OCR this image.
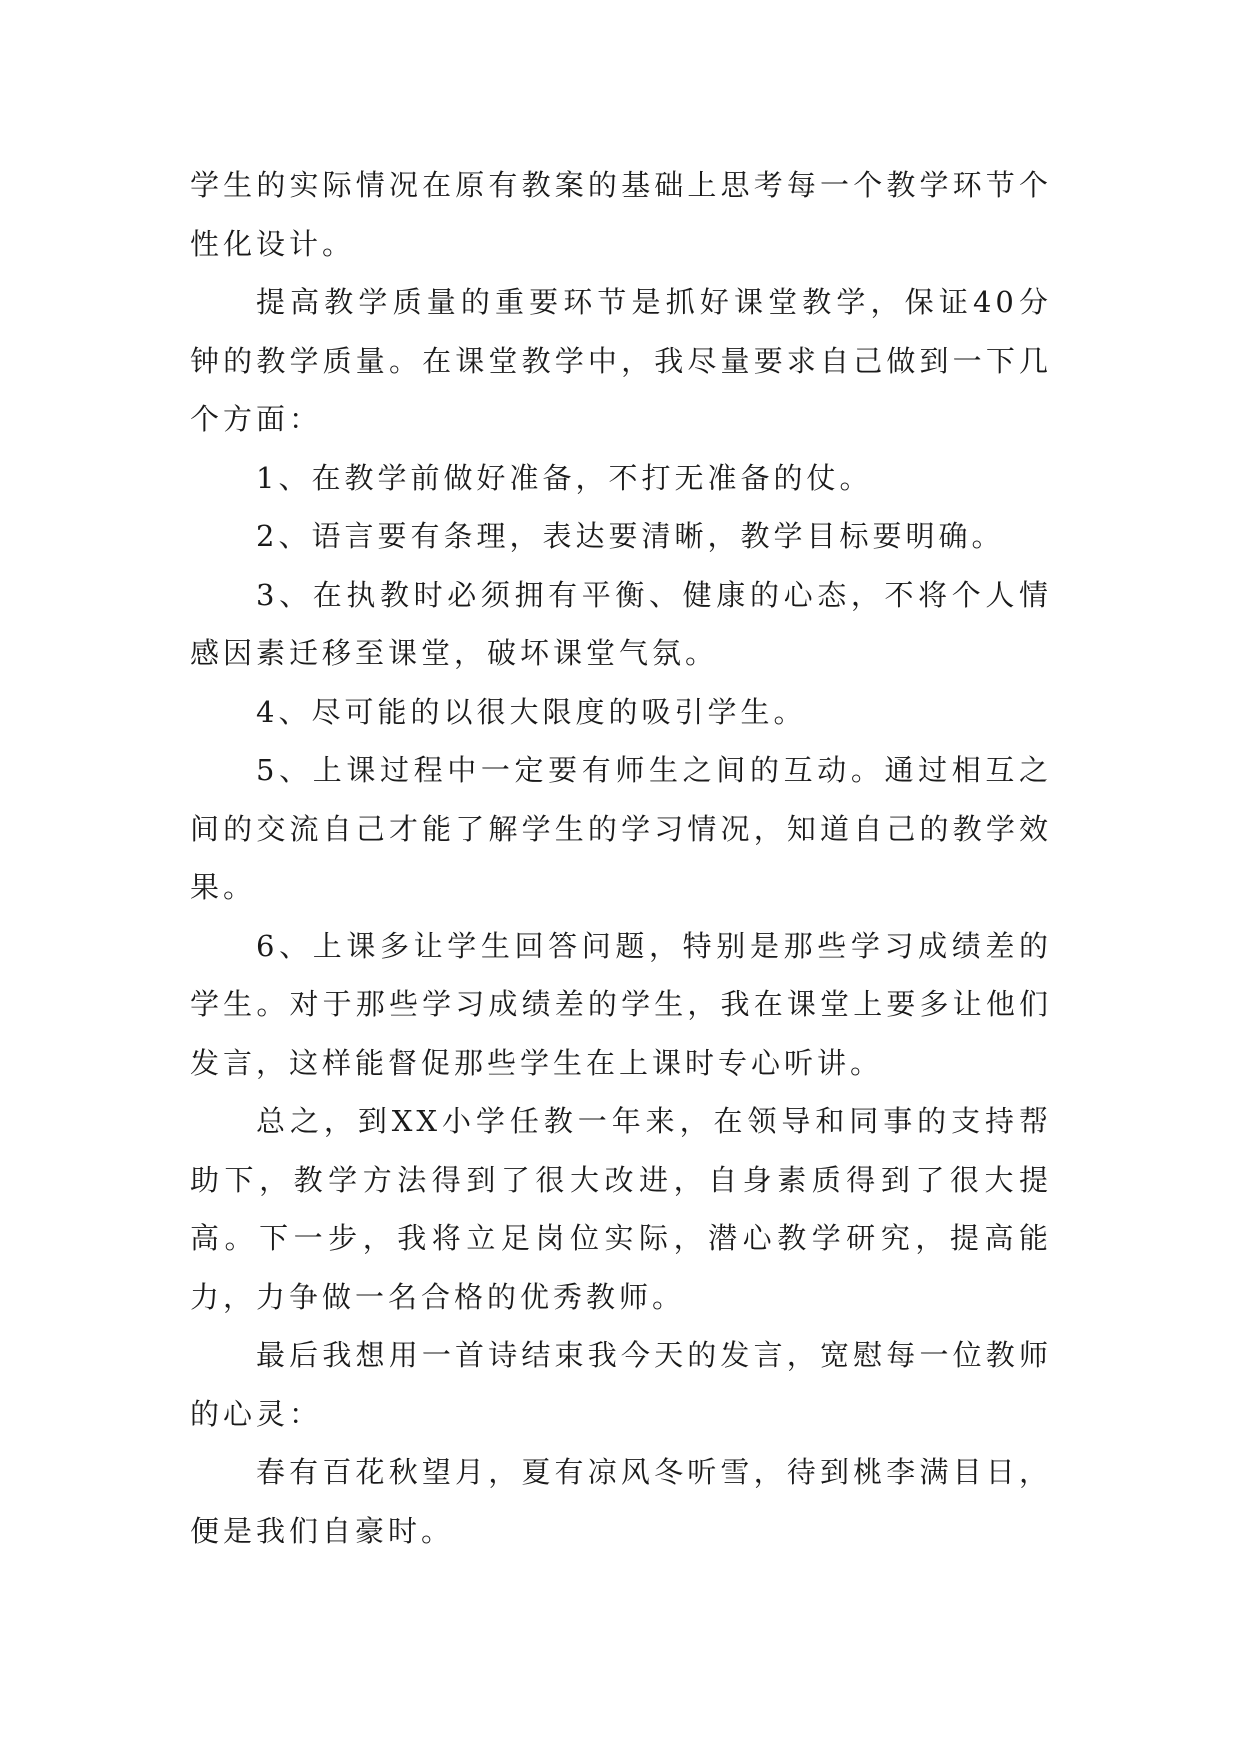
学生的实际情况在原有教案的基础上思考每一个教学环节个性化设计。

提高教学质量的重要环节是抓好课堂教学，保证40分钟的教学质量。在课堂教学中，我尽量要求自己做到一下几个方面：

1、在教学前做好准备，不打无准备的仗。

2、语言要有条理，表达要清晰，教学目标要明确。

3、在执教时必须拥有平衡、健康的心态，不将个人情感因素迁移至课堂，破坏课堂气氛。

4、尽可能的以很大限度的吸引学生。

5、上课过程中一定要有师生之间的互动。通过相互之间的交流自己才能了解学生的学习情况，知道自己的教学效果。

6、上课多让学生回答问题，特别是那些学习成绩差的学生。对于那些学习成绩差的学生，我在课堂上要多让他们发言，这样能督促那些学生在上课时专心听讲。

总之，到XX小学任教一年来，在领导和同事的支持帮助下，教学方法得到了很大改进，自身素质得到了很大提高。下一步，我将立足岗位实际，潜心教学研究，提高能力，力争做一名合格的优秀教师。

最后我想用一首诗结束我今天的发言，宽慰每一位教师的心灵：

春有百花秋望月，夏有凉风冬听雪，待到桃李满目日，便是我们自豪时。
